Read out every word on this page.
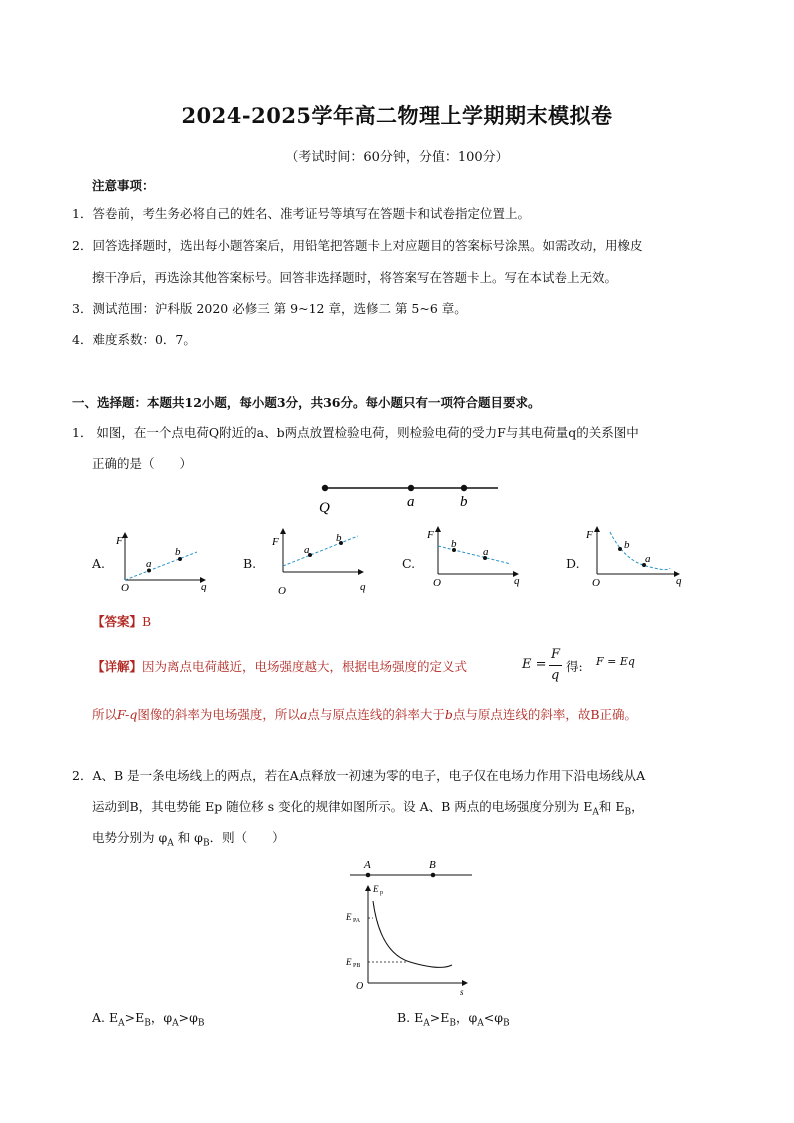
2024-2025学年高二物理上学期期末模拟卷
（考试时间：60分钟，分值：100分）
注意事项：
1．答卷前，考生务必将自己的姓名、准考证号等填写在答题卡和试卷指定位置上。
2．回答选择题时，选出每小题答案后，用铅笔把答题卡上对应题目的答案标号涂黑。如需改动，用橡皮
擦干净后，再选涂其他答案标号。回答非选择题时，将答案写在答题卡上。写在本试卷上无效。
3．测试范围：沪科版 2020 必修三 第 9~12 章，选修二 第 5~6 章。
4．难度系数：0．7。
一、选择题：本题共12小题，每小题3分，共36分。每小题只有一项符合题目要求。
1． 如图，在一个点电荷Q附近的a、b两点放置检验电荷，则检验电荷的受力F与其电荷量q的关系图中
正确的是（　　）
Q	a	b
A.
F
q
O
a
b
B.
F
q
O
a
b
C.
F
q
O
b
a
D.
F
q
O
b
a
【答案】B
【详解】因为离点电荷越近，电场强度越大，根据电场强度的定义式	E =
F
q
得: F = Eq
所以F-q图像的斜率为电场强度，所以a点与原点连线的斜率大于b点与原点连线的斜率，故B正确。
2．A、B 是一条电场线上的两点，若在A点释放一初速为零的电子，电子仅在电场力作用下沿电场线从A
运动到B，其电势能 Ep 随位移 s 变化的规律如图所示。设 A、B 两点的电场强度分别为 $E_A$和 $E_B$，
电势分别为 $\varphi_A$ 和 $\varphi_B$．则（　　）
A	B
E p
E PA
E PB
O	s
A. $E_A>E_B$，$\varphi_A>\varphi_B$	B. $E_A>E_B$，$\varphi_A<\varphi_B$
